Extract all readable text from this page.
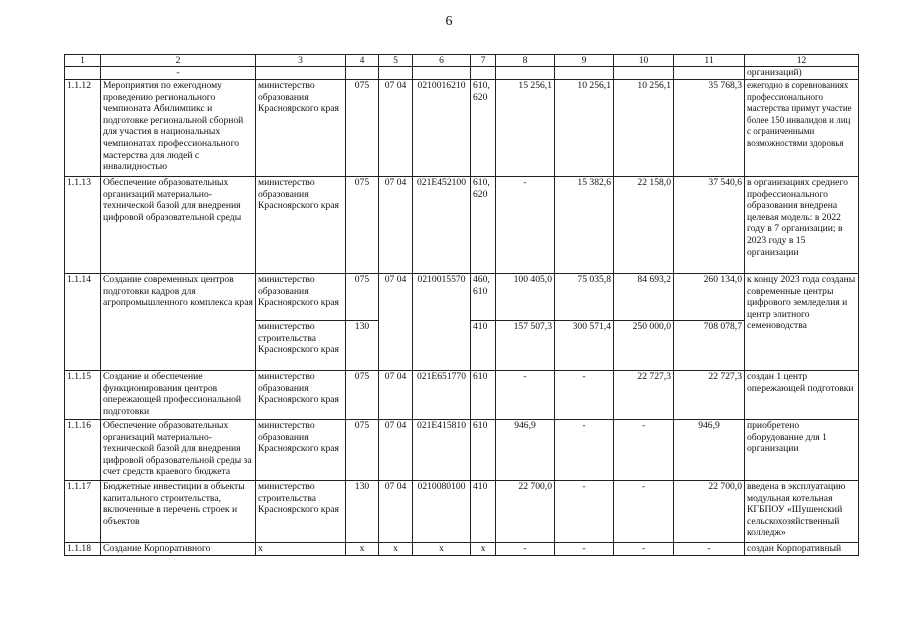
6
1	2	3	4	5	6	7	8	9	10	11	12
	-										организаций)
1.1.12	Мероприятия по ежегодному проведению регионального чемпионата Абилимпикс и подготовке региональной сборной для участия в национальных чемпионатах профессионального мастерства для людей с инвалидностью	министерство образования Красноярского края	075	07 04	0210016210	610, 620	15 256,1	10 256,1	10 256,1	35 768,3	ежегодно в соревнованиях профессионального мастерства примут участие более 150 инвалидов и лиц с ограниченными возможностями здоровья
1.1.13	Обеспечение образовательных организаций материально-технической базой для внедрения цифровой образовательной среды	министерство образования Красноярского края	075	07 04	021E452100	610, 620	-	15 382,6	22 158,0	37 540,6	в организациях среднего профессионального образования внедрена целевая модель: в 2022 году в 7 организации; в 2023 году в 15 организации
1.1.14	Создание современных центров подготовки кадров для агропромышленного комплекса края	министерство образования Красноярского края	075	07 04	0210015570	460, 610	100 405,0	75 035,8	84 693,2	260 134,0	к концу 2023 года созданы современные центры цифрового земледелия и центр элитного семеноводства
		министерство строительства Красноярского края	130			410	157 507,3	300 571,4	250 000,0	708 078,7	
1.1.15	Создание и обеспечение функционирования центров опережающей профессиональной подготовки	министерство образования Красноярского края	075	07 04	021E651770	610	-	-	22 727,3	22 727,3	создан 1 центр опережающей подготовки
1.1.16	Обеспечение образовательных организаций материально-технической базой для внедрения цифровой образовательной среды за счет средств краевого бюджета	министерство образования Красноярского края	075	07 04	021E415810	610	946,9	-	-	946,9	приобретено оборудование для 1 организации
1.1.17	Бюджетные инвестиции в объекты капитального строительства, включенные в перечень строек и объектов	министерство строительства Красноярского края	130	07 04	0210080100	410	22 700,0	-	-	22 700,0	введена в эксплуатацию модульная котельная КГБПОУ «Шушенский сельскохозяйственный колледж»
1.1.18	Создание Корпоративного	х	х	х	х	х	-	-	-	-	создан Корпоративный
